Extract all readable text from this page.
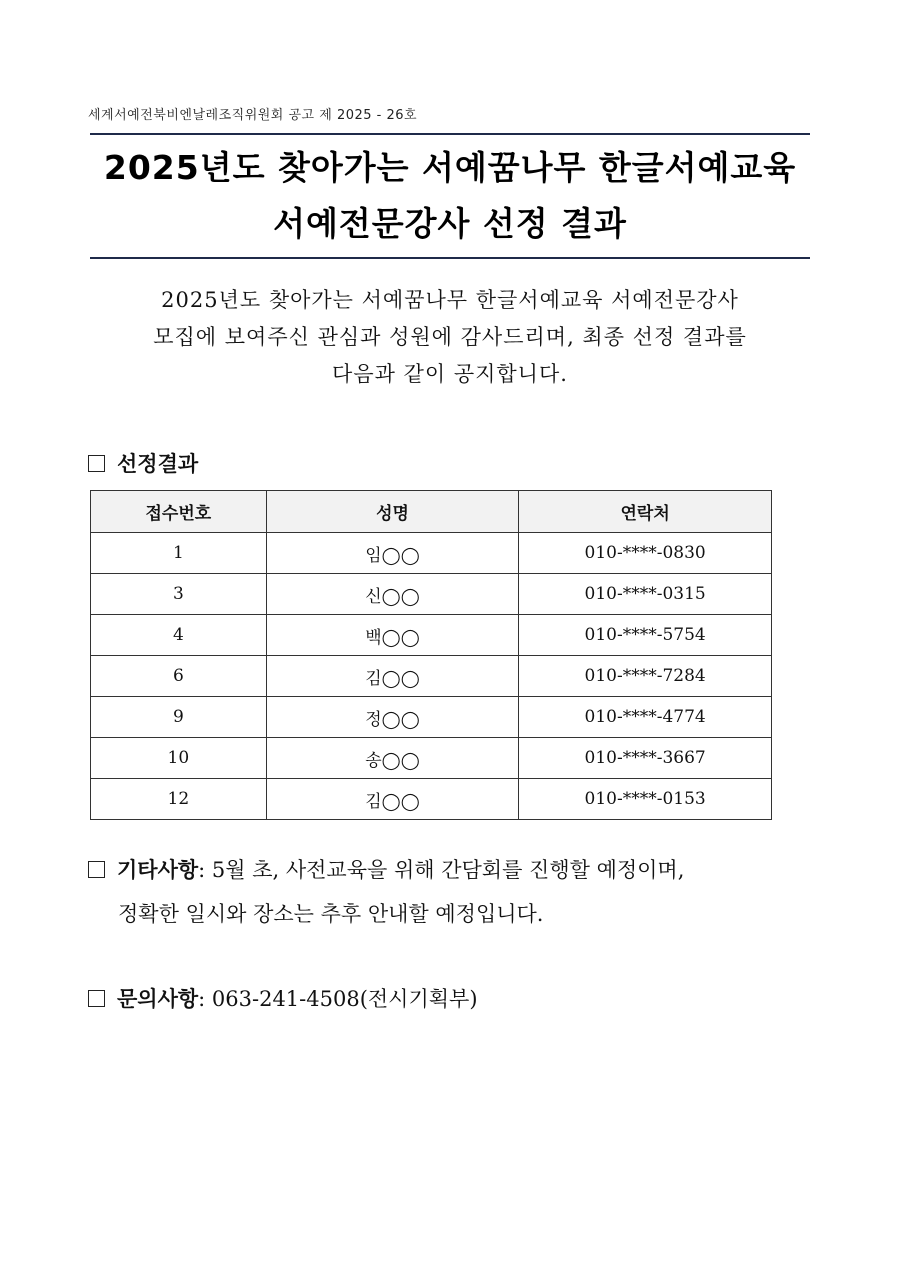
세계서예전북비엔날레조직위원회 공고 제 2025 - 26호
2025년도 찾아가는 서예꿈나무 한글서예교육
서예전문강사 선정 결과
2025년도 찾아가는 서예꿈나무 한글서예교육 서예전문강사
모집에 보여주신 관심과 성원에 감사드리며, 최종 선정 결과를
다음과 같이 공지합니다.
선정결과
접수번호	성명	연락처
1	임◯◯	010-****-0830
3	신◯◯	010-****-0315
4	백◯◯	010-****-5754
6	김◯◯	010-****-7284
9	정◯◯	010-****-4774
10	송◯◯	010-****-3667
12	김◯◯	010-****-0153
기타사항: 5월 초, 사전교육을 위해 간담회를 진행할 예정이며,
정확한 일시와 장소는 추후 안내할 예정입니다.
문의사항: 063-241-4508(전시기획부)
